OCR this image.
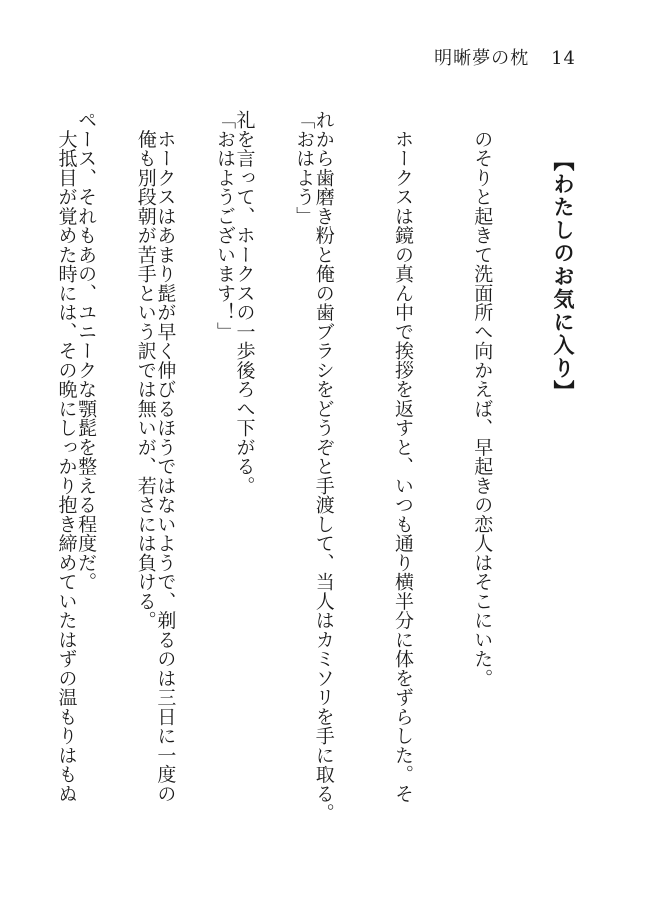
明晰夢の枕 14
【わたしのお気に入り】

「おはよう」

「おはようございます！」

　俺も別段朝が苦手という訳では無いが、若さには負ける。

　大抵目が覚めた時には、その晩にしっかり抱き締めていたはずの温もりはもぬ

	　のそりと起きて洗面所へ向かえば、早起きの恋人はそこにいた。

　ホークスは鏡の真ん中で挨拶を返すと、いつも通り横半分に体をずらした。そ

れから歯磨き粉と俺の歯ブラシをどうぞと手渡して、当人はカミソリを手に取る。

礼を言って、ホークスの一歩後ろへ下がる。

　ホークスはあまり髭が早く伸びるほうではないようで、剃るのは三日に一度の

ペース、それもあの、ユニークな顎髭を整える程度だ。
